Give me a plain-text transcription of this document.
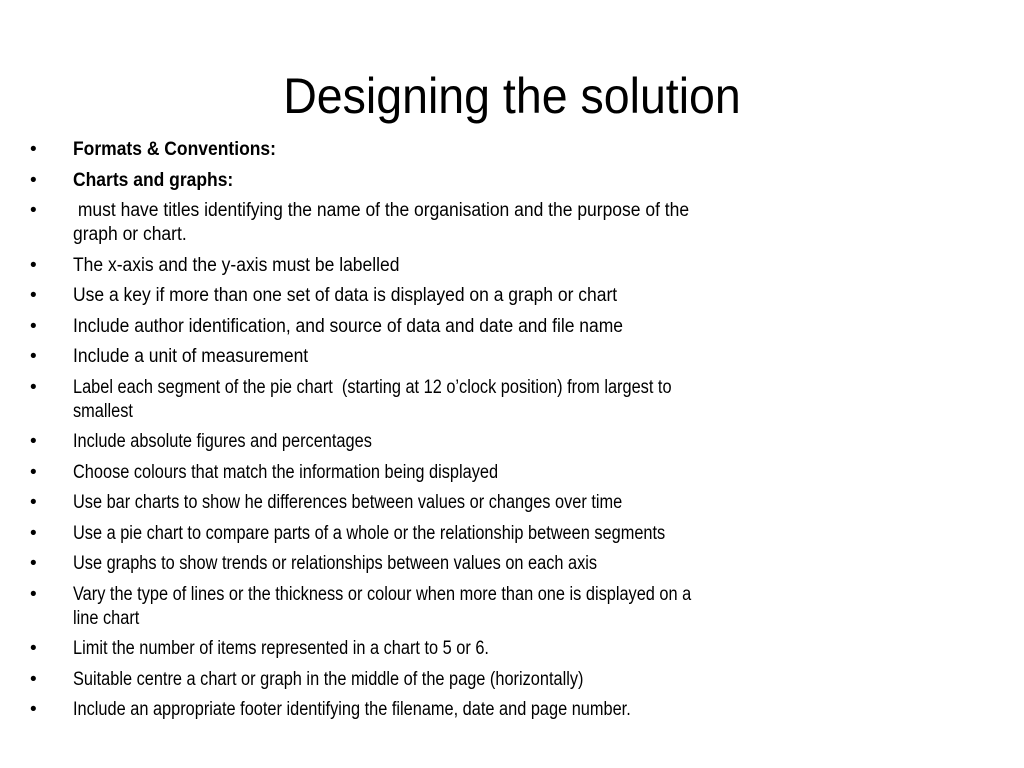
Designing the solution
•	Formats & Conventions:
•	Charts and graphs:
•	must have titles identifying the name of the organisation and the purpose of the
graph or chart.
•	The x-axis and the y-axis must be labelled
•	Use a key if more than one set of data is displayed on a graph or chart
•	Include author identification, and source of data and date and file name
•	Include a unit of measurement
•	Label each segment of the pie chart  (starting at 12 o’clock position) from largest to
smallest
•	Include absolute figures and percentages
•	Choose colours that match the information being displayed
•	Use bar charts to show he differences between values or changes over time
•	Use a pie chart to compare parts of a whole or the relationship between segments
•	Use graphs to show trends or relationships between values on each axis
•	Vary the type of lines or the thickness or colour when more than one is displayed on a
line chart
•	Limit the number of items represented in a chart to 5 or 6.
•	Suitable centre a chart or graph in the middle of the page (horizontally)
•	Include an appropriate footer identifying the filename, date and page number.
